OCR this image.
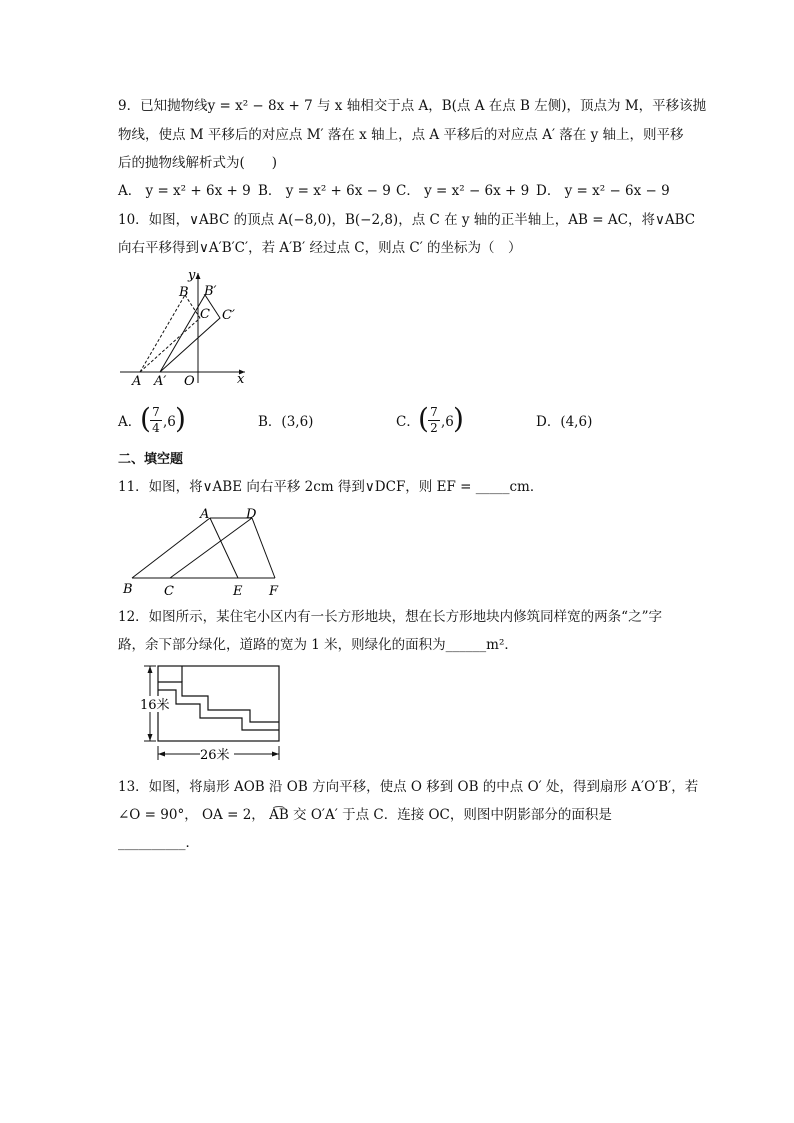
9．已知抛物线y = x² − 8x + 7 与 x 轴相交于点 A，B(点 A 在点 B 左侧)，顶点为 M，平移该抛
物线，使点 M 平移后的对应点 M′ 落在 x 轴上，点 A 平移后的对应点 A′ 落在 y 轴上，则平移
后的抛物线解析式为(　　)
A． y = x² + 6x + 9 B． y = x² + 6x − 9 C． y = x² − 6x + 9 D． y = x² − 6x − 9
10．如图，∨ABC 的顶点 A(−8,0)，B(−2,8)，点 C 在 y 轴的正半轴上，AB = AC，将∨ABC
向右平移得到∨A′B′C′，若 A′B′ 经过点 C，则点 C′ 的坐标为（　）
y
x
B B′
C C′
A A′ O
A．
( 7
4 ,6 )	B．(3,6)	C．
( 7
2 ,6 )	D．(4,6)
二、填空题
11．如图，将∨ABE 向右平移 2cm 得到∨DCF，则 EF = _____cm．
A	D
B C	E F
12．如图所示，某住宅小区内有一长方形地块，想在长方形地块内修筑同样宽的两条“之”字
路，余下部分绿化，道路的宽为 1 米，则绿化的面积为______m²．
16米
26米
13．如图，将扇形 AOB 沿 OB 方向平移，使点 O 移到 OB 的中点 O′ 处，得到扇形 A′O′B′，若
∠O = 90°， OA = 2， A͡B 交 O′A′ 于点 C．连接 OC，则图中阴影部分的面积是
__________．
